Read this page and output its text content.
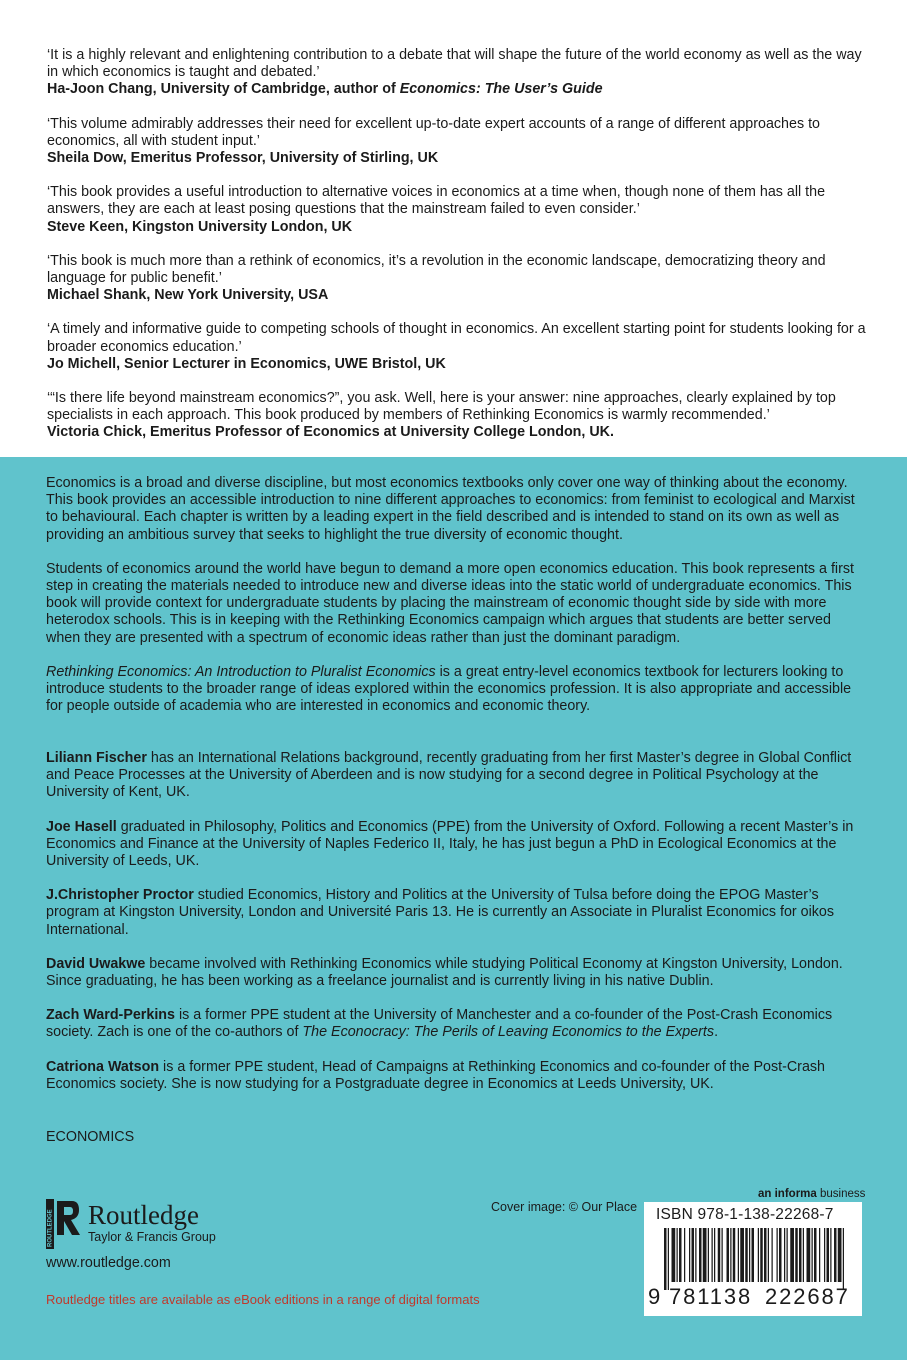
‘It is a highly relevant and enlightening contribution to a debate that will shape the future of the world economy as well as the way in which economics is taught and debated.’
Ha-Joon Chang, University of Cambridge, author of Economics: The User’s Guide
‘This volume admirably addresses their need for excellent up-to-date expert accounts of a range of different approaches to economics, all with student input.’
Sheila Dow, Emeritus Professor, University of Stirling, UK
‘This book provides a useful introduction to alternative voices in economics at a time when, though none of them has all the answers, they are each at least posing questions that the mainstream failed to even consider.’
Steve Keen, Kingston University London, UK
‘This book is much more than a rethink of economics, it’s a revolution in the economic landscape, democratizing theory and language for public benefit.’
Michael Shank, New York University, USA
‘A timely and informative guide to competing schools of thought in economics. An excellent starting point for students looking for a broader economics education.’
Jo Michell, Senior Lecturer in Economics, UWE Bristol, UK
‘“Is there life beyond mainstream economics?”, you ask. Well, here is your answer: nine approaches, clearly explained by top specialists in each approach. This book produced by members of Rethinking Economics is warmly recommended.’
Victoria Chick, Emeritus Professor of Economics at University College London, UK.

Economics is a broad and diverse discipline, but most economics textbooks only cover one way of thinking about the economy. This book provides an accessible introduction to nine different approaches to economics: from feminist to ecological and Marxist to behavioural. Each chapter is written by a leading expert in the field described and is intended to stand on its own as well as providing an ambitious survey that seeks to highlight the true diversity of economic thought.

Students of economics around the world have begun to demand a more open economics education. This book represents a first step in creating the materials needed to introduce new and diverse ideas into the static world of undergraduate economics. This book will provide context for undergraduate students by placing the mainstream of economic thought side by side with more heterodox schools. This is in keeping with the Rethinking Economics campaign which argues that students are better served when they are presented with a spectrum of economic ideas rather than just the dominant paradigm.

Rethinking Economics: An Introduction to Pluralist Economics is a great entry-level economics textbook for lecturers looking to introduce students to the broader range of ideas explored within the economics profession. It is also appropriate and accessible for people outside of academia who are interested in economics and economic theory.

Liliann Fischer has an International Relations background, recently graduating from her first Master’s degree in Global Conflict and Peace Processes at the University of Aberdeen and is now studying for a second degree in Political Psychology at the University of Kent, UK.

Joe Hasell graduated in Philosophy, Politics and Economics (PPE) from the University of Oxford. Following a recent Master’s in Economics and Finance at the University of Naples Federico II, Italy, he has just begun a PhD in Ecological Economics at the University of Leeds, UK.

J.Christopher Proctor studied Economics, History and Politics at the University of Tulsa before doing the EPOG Master’s program at Kingston University, London and Université Paris 13. He is currently an Associate in Pluralist Economics for oikos International.

David Uwakwe became involved with Rethinking Economics while studying Political Economy at Kingston University, London. Since graduating, he has been working as a freelance journalist and is currently living in his native Dublin.

Zach Ward-Perkins is a former PPE student at the University of Manchester and a co-founder of the Post-Crash Economics society. Zach is one of the co-authors of The Econocracy: The Perils of Leaving Economics to the Experts.

Catriona Watson is a former PPE student, Head of Campaigns at Rethinking Economics and co-founder of the Post-Crash Economics society. She is now studying for a Postgraduate degree in Economics at Leeds University, UK.

ECONOMICS
ROUTLEDGE Routledge
Taylor & Francis Group
www.routledge.com
Routledge titles are available as eBook editions in a range of digital formats
Cover image: © Our Place
an informa business
ISBN 978-1-138-22268-7
9 781138 222687
